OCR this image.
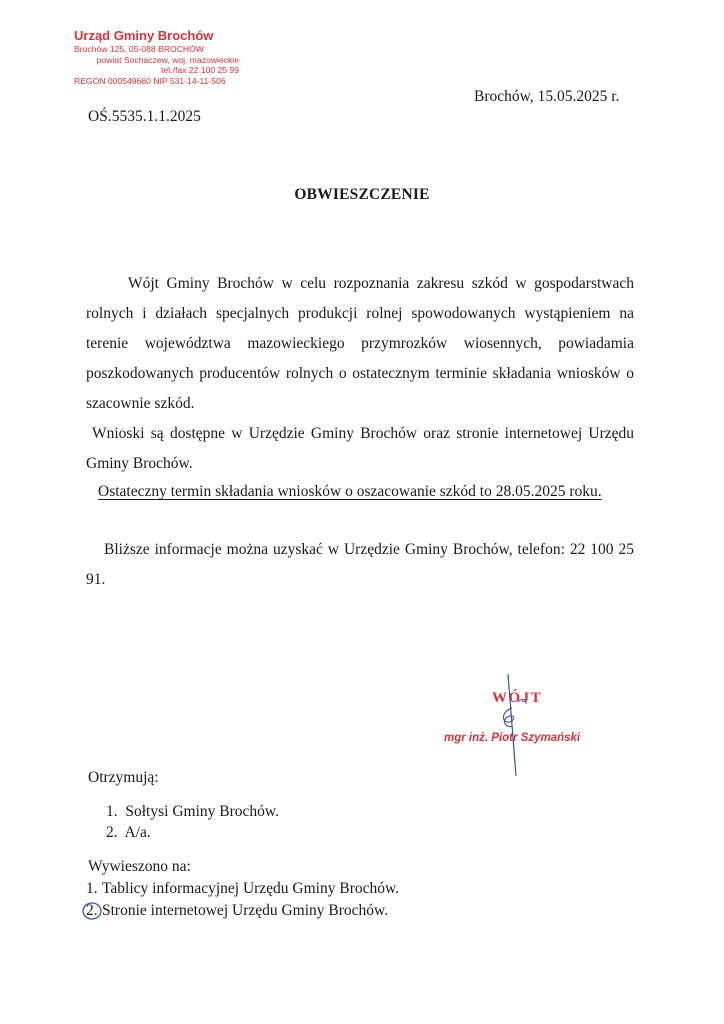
Urząd Gminy Brochów
Brochów 125, 05-088 BROCHÓW
powiat Sochaczew, woj. mazowieckie
tel./fax 22 100 25 99
REGON 000549660 NIP 531-14-11-506
Brochów, 15.05.2025 r.
OŚ.5535.1.1.2025
OBWIESZCZENIE
Wójt Gminy Brochów w celu rozpoznania zakresu szkód w gospodarstwach rolnych i działach specjalnych produkcji rolnej spowodowanych wystąpieniem na terenie województwa mazowieckiego przymrozków wiosennych, powiadamia poszkodowanych producentów rolnych o ostatecznym terminie składania wniosków o szacownie szkód.
Wnioski są dostępne w Urzędzie Gminy Brochów oraz stronie internetowej Urzędu Gminy Brochów.
Ostateczny termin składania wniosków o oszacowanie szkód to 28.05.2025 roku.
Bliższe informacje można uzyskać w Urzędzie Gminy Brochów, telefon: 22 100 25 91.
WÓJT
mgr inż. Piotr Szymański
Otrzymują:
1. Sołtysi Gminy Brochów.
2. A/a.
Wywieszono na:
1. Tablicy informacyjnej Urzędu Gminy Brochów.
2. Stronie internetowej Urzędu Gminy Brochów.
